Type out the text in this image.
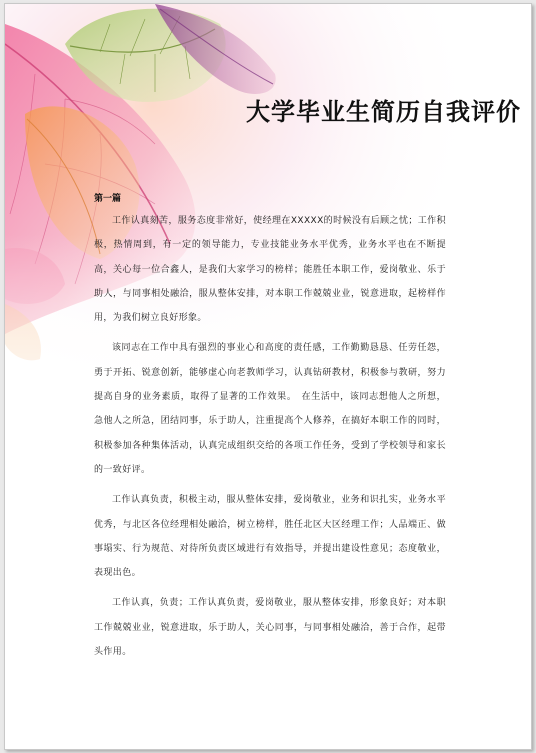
大学毕业生简历自我评价

第一篇

工作认真刻苦，服务态度非常好，使经理在XXXXX的时候没有后顾之忧；工作积极，热情周到，有一定的领导能力，专业技能业务水平优秀，业务水平也在不断提高，关心每一位合鑫人，是我们大家学习的榜样；能胜任本职工作，爱岗敬业、乐于助人，与同事相处融洽，服从整体安排，对本职工作兢兢业业，锐意进取，起榜样作用，为我们树立良好形象。

该同志在工作中具有强烈的事业心和高度的责任感，工作勤勤恳恳、任劳任怨，勇于开拓、锐意创新，能够虚心向老教师学习，认真钻研教材，积极参与教研，努力提高自身的业务素质，取得了显著的工作效果。　在生活中，该同志想他人之所想，急他人之所急，团结同事，乐于助人，注重提高个人修养，在搞好本职工作的同时，积极参加各种集体活动，认真完成组织交给的各项工作任务，受到了学校领导和家长的一致好评。

工作认真负责，积极主动，服从整体安排，爱岗敬业，业务和识扎实，业务水平优秀，与北区各位经理相处融洽，树立榜样，胜任北区大区经理工作；人品端正、做事塌实、行为规范、对待所负责区域进行有效指导，并提出建设性意见；态度敬业，表现出色。

工作认真，负责；工作认真负责，爱岗敬业，服从整体安排，形象良好；对本职工作兢兢业业，锐意进取，乐于助人，关心同事，与同事相处融洽，善于合作，起带头作用。
